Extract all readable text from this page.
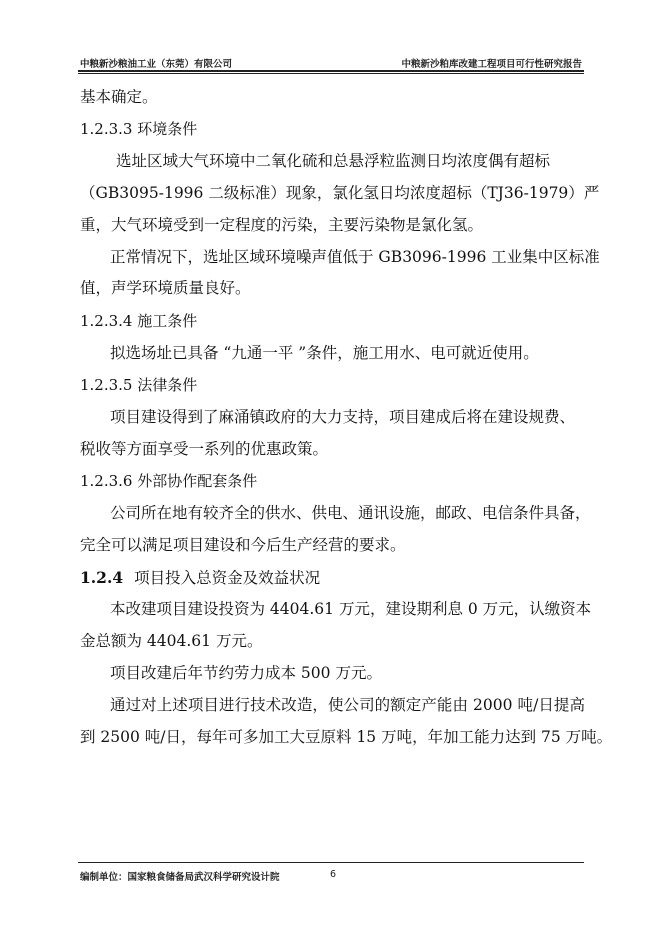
中粮新沙粮油工业（东莞）有限公司	中粮新沙粕库改建工程项目可行性研究报告
基本确定。
1.2.3.3 环境条件
选址区域大气环境中二氧化硫和总悬浮粒监测日均浓度偶有超标
（GB3095-1996 二级标准）现象，氯化氢日均浓度超标（TJ36-1979）严
重，大气环境受到一定程度的污染，主要污染物是氯化氢。
正常情况下，选址区域环境噪声值低于 GB3096-1996 工业集中区标准
值，声学环境质量良好。
1.2.3.4 施工条件
拟选场址已具备 “九通一平 ”条件，施工用水、电可就近使用。
1.2.3.5 法律条件
项目建设得到了麻涌镇政府的大力支持，项目建成后将在建设规费、
税收等方面享受一系列的优惠政策。
1.2.3.6 外部协作配套条件
公司所在地有较齐全的供水、供电、通讯设施，邮政、电信条件具备，
完全可以满足项目建设和今后生产经营的要求。
1.2.4 项目投入总资金及效益状况
本改建项目建设投资为 4404.61 万元，建设期利息 0 万元，认缴资本
金总额为 4404.61 万元。
项目改建后年节约劳力成本 500 万元。
通过对上述项目进行技术改造，使公司的额定产能由 2000 吨/日提高
到 2500 吨/日，每年可多加工大豆原料 15 万吨，年加工能力达到 75 万吨。
编制单位：国家粮食储备局武汉科学研究设计院	6
